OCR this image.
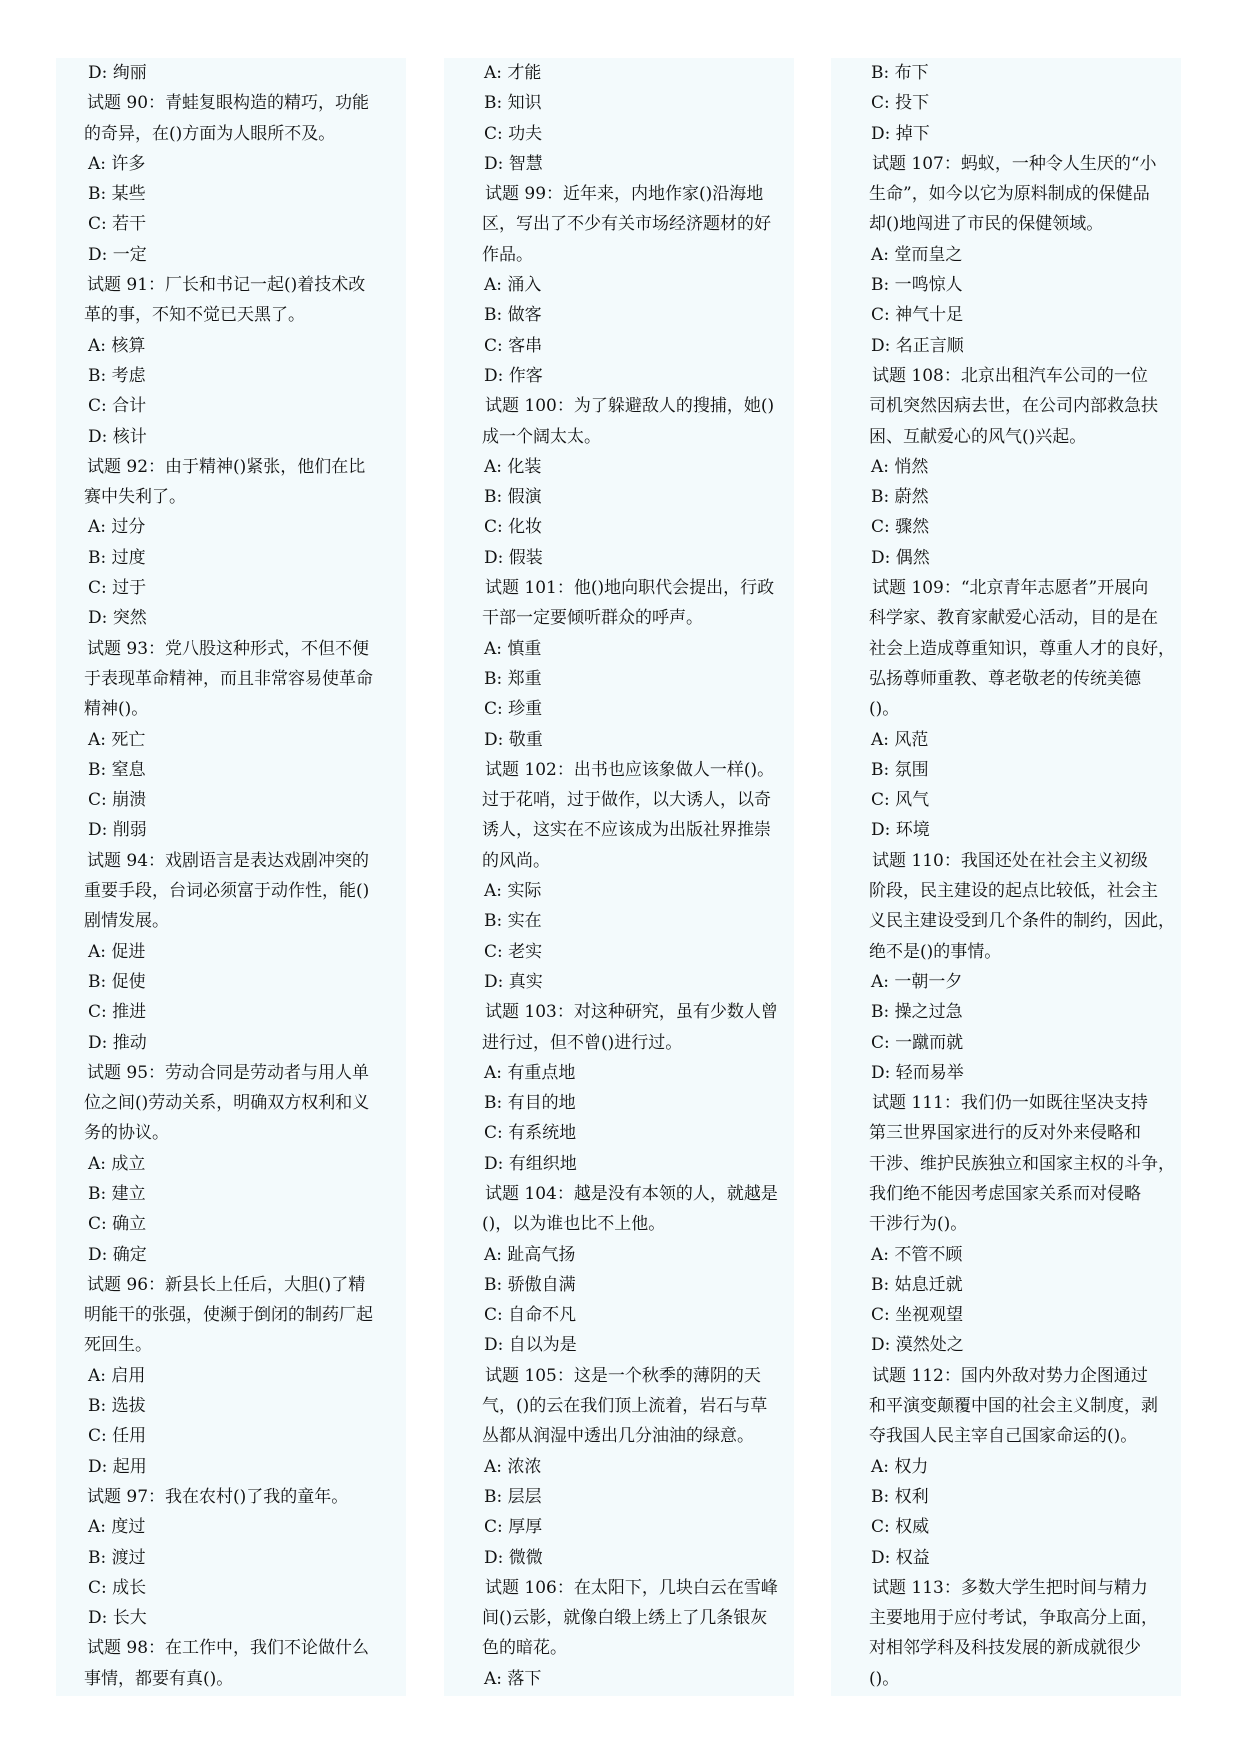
D: 绚丽
试题 90：青蛙复眼构造的精巧，功能
的奇异，在()方面为人眼所不及。
A: 许多
B: 某些
C: 若干
D: 一定
试题 91：厂长和书记一起()着技术改
革的事，不知不觉已天黑了。
A: 核算
B: 考虑
C: 合计
D: 核计
试题 92：由于精神()紧张，他们在比
赛中失利了。
A: 过分
B: 过度
C: 过于
D: 突然
试题 93：党八股这种形式，不但不便
于表现革命精神，而且非常容易使革命
精神()。
A: 死亡
B: 窒息
C: 崩溃
D: 削弱
试题 94：戏剧语言是表达戏剧冲突的
重要手段，台词必须富于动作性，能()
剧情发展。
A: 促进
B: 促使
C: 推进
D: 推动
试题 95：劳动合同是劳动者与用人单
位之间()劳动关系，明确双方权利和义
务的协议。
A: 成立
B: 建立
C: 确立
D: 确定
试题 96：新县长上任后，大胆()了精
明能干的张强，使濒于倒闭的制药厂起
死回生。
A: 启用
B: 选拔
C: 任用
D: 起用
试题 97：我在农村()了我的童年。
A: 度过
B: 渡过
C: 成长
D: 长大
试题 98：在工作中，我们不论做什么
事情，都要有真()。
A: 才能
B: 知识
C: 功夫
D: 智慧
试题 99：近年来，内地作家()沿海地
区，写出了不少有关市场经济题材的好
作品。
A: 涌入
B: 做客
C: 客串
D: 作客
试题 100：为了躲避敌人的搜捕，她()
成一个阔太太。
A: 化装
B: 假演
C: 化妆
D: 假装
试题 101：他()地向职代会提出，行政
干部一定要倾听群众的呼声。
A: 慎重
B: 郑重
C: 珍重
D: 敬重
试题 102：出书也应该象做人一样()。
过于花哨，过于做作，以大诱人，以奇
诱人，这实在不应该成为出版社界推崇
的风尚。
A: 实际
B: 实在
C: 老实
D: 真实
试题 103：对这种研究，虽有少数人曾
进行过，但不曾()进行过。
A: 有重点地
B: 有目的地
C: 有系统地
D: 有组织地
试题 104：越是没有本领的人，就越是
()，以为谁也比不上他。
A: 趾高气扬
B: 骄傲自满
C: 自命不凡
D: 自以为是
试题 105：这是一个秋季的薄阴的天
气，()的云在我们顶上流着，岩石与草
丛都从润湿中透出几分油油的绿意。
A: 浓浓
B: 层层
C: 厚厚
D: 微微
试题 106：在太阳下，几块白云在雪峰
间()云影，就像白缎上绣上了几条银灰
色的暗花。
A: 落下
B: 布下
C: 投下
D: 掉下
试题 107：蚂蚁，一种令人生厌的“小
生命”，如今以它为原料制成的保健品
却()地闯进了市民的保健领域。
A: 堂而皇之
B: 一鸣惊人
C: 神气十足
D: 名正言顺
试题 108：北京出租汽车公司的一位
司机突然因病去世，在公司内部救急扶
困、互献爱心的风气()兴起。
A: 悄然
B: 蔚然
C: 骤然
D: 偶然
试题 109：“北京青年志愿者”开展向
科学家、教育家献爱心活动，目的是在
社会上造成尊重知识，尊重人才的良好，
弘扬尊师重教、尊老敬老的传统美德
()。
A: 风范
B: 氛围
C: 风气
D: 环境
试题 110：我国还处在社会主义初级
阶段，民主建设的起点比较低，社会主
义民主建设受到几个条件的制约，因此，
绝不是()的事情。
A: 一朝一夕
B: 操之过急
C: 一蹴而就
D: 轻而易举
试题 111：我们仍一如既往坚决支持
第三世界国家进行的反对外来侵略和
干涉、维护民族独立和国家主权的斗争，
我们绝不能因考虑国家关系而对侵略
干涉行为()。
A: 不管不顾
B: 姑息迁就
C: 坐视观望
D: 漠然处之
试题 112：国内外敌对势力企图通过
和平演变颠覆中国的社会主义制度，剥
夺我国人民主宰自己国家命运的()。
A: 权力
B: 权利
C: 权威
D: 权益
试题 113：多数大学生把时间与精力
主要地用于应付考试，争取高分上面，
对相邻学科及科技发展的新成就很少
()。
